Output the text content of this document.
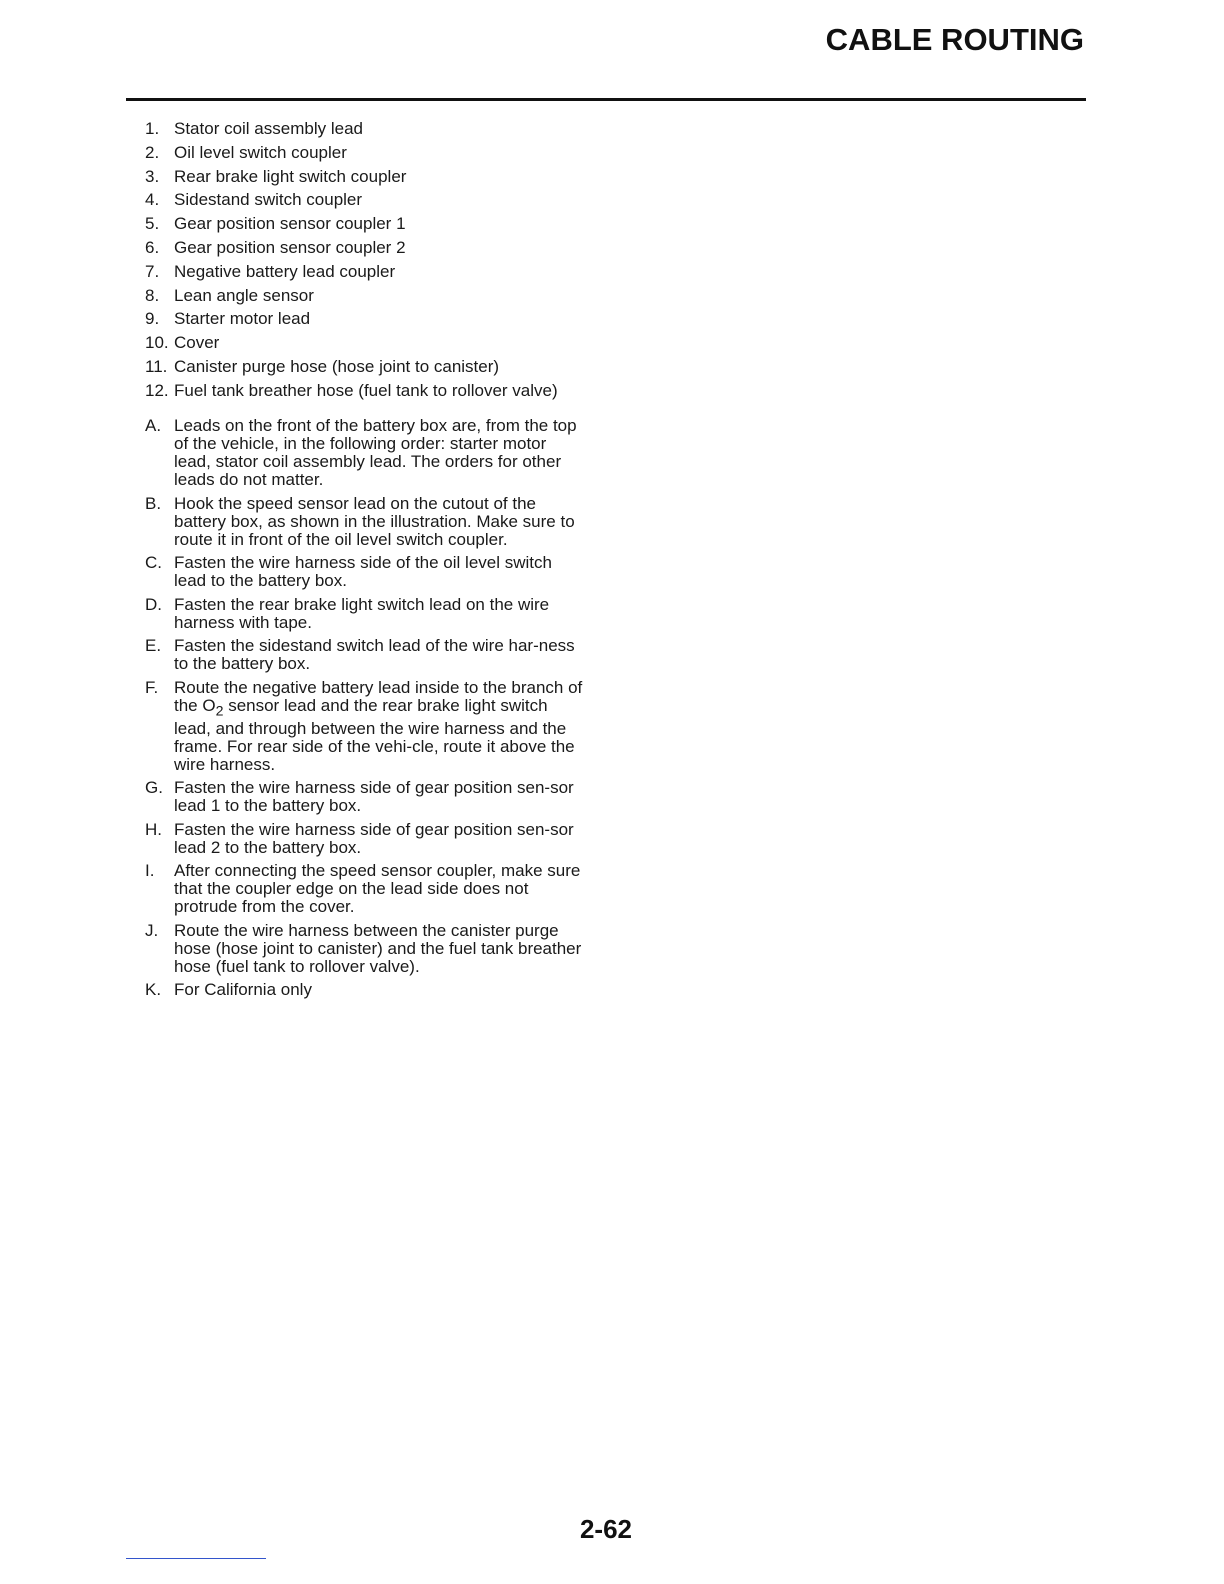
CABLE ROUTING
1. Stator coil assembly lead
2. Oil level switch coupler
3. Rear brake light switch coupler
4. Sidestand switch coupler
5. Gear position sensor coupler 1
6. Gear position sensor coupler 2
7. Negative battery lead coupler
8. Lean angle sensor
9. Starter motor lead
10. Cover
11. Canister purge hose (hose joint to canister)
12. Fuel tank breather hose (fuel tank to rollover valve)
A. Leads on the front of the battery box are, from the top of the vehicle, in the following order: starter motor lead, stator coil assembly lead. The orders for other leads do not matter.
B. Hook the speed sensor lead on the cutout of the battery box, as shown in the illustration. Make sure to route it in front of the oil level switch coupler.
C. Fasten the wire harness side of the oil level switch lead to the battery box.
D. Fasten the rear brake light switch lead on the wire harness with tape.
E. Fasten the sidestand switch lead of the wire har-ness to the battery box.
F. Route the negative battery lead inside to the branch of the $O_2$ sensor lead and the rear brake light switch lead, and through between the wire harness and the frame. For rear side of the vehi-cle, route it above the wire harness.
G. Fasten the wire harness side of gear position sen-sor lead 1 to the battery box.
H. Fasten the wire harness side of gear position sen-sor lead 2 to the battery box.
I.	After connecting the speed sensor coupler, make sure that the coupler edge on the lead side does not protrude from the cover.
J. Route the wire harness between the canister purge hose (hose joint to canister) and the fuel tank breather hose (fuel tank to rollover valve).
K. For California only
2-62
